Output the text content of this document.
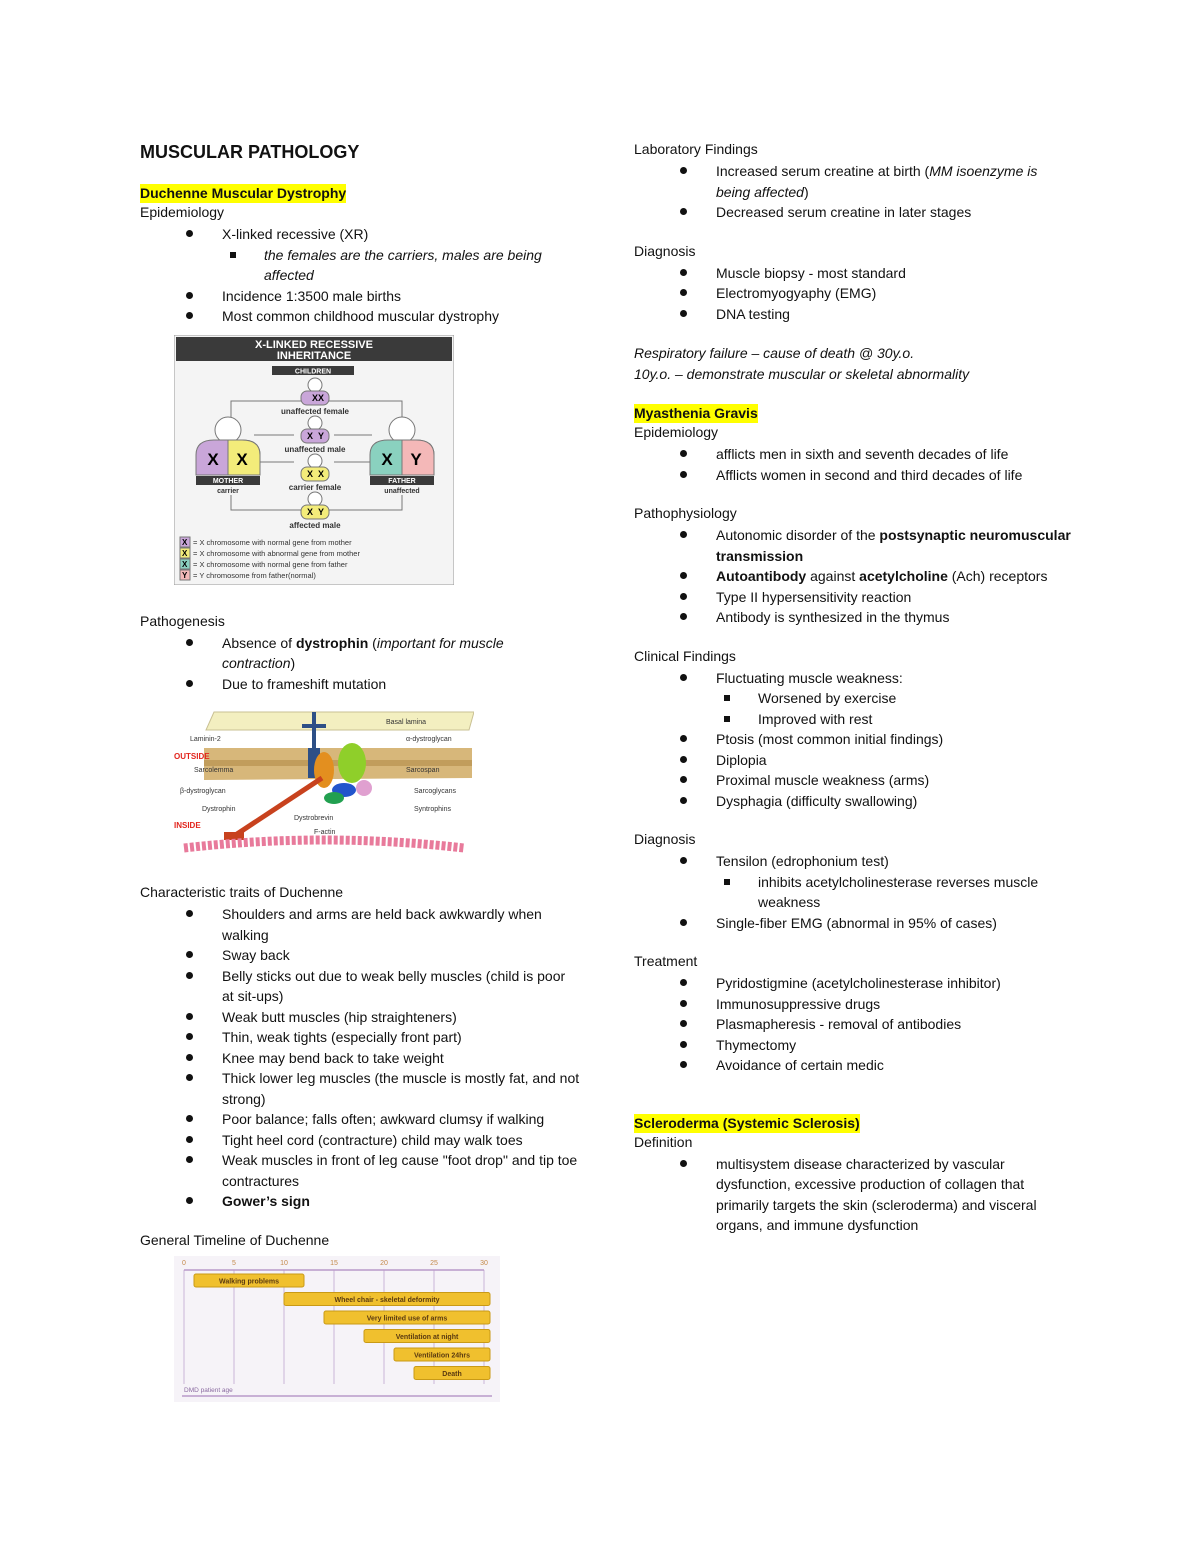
MUSCULAR PATHOLOGY
Duchenne Muscular Dystrophy

Epidemiology

X-linked recessive (XR)
the females are the carriers, males are being affected
Incidence 1:3500 male births
Most common childhood muscular dystrophy
X-LINKED RECESSIVE
INHERITANCE
CHILDREN
X X
unaffected female
X Y
unaffected male
X X
carrier female
X Y
affected male
X X
MOTHER
carrier
X Y
FATHER
unaffected
X
X
X
Y
= X chromosome with normal gene from mother
= X chromosome with abnormal gene from mother
= X chromosome with normal gene from father
= Y chromosome from father(normal)

Pathogenesis

Absence of dystrophin (important for muscle contraction)
Due to frameshift mutation
Basal lamina
Laminin-2	α-dystroglycan
OUTSIDE
Sarcolemma	Sarcospan
β-dystroglycan	Sarcoglycans
Dystrophin	Syntrophins
INSIDE
Dystrobrevin
F-actin

Characteristic traits of Duchenne

Shoulders and arms are held back awkwardly when walking
Sway back
Belly sticks out due to weak belly muscles (child is poor at sit-ups)
Weak butt muscles (hip straighteners)
Thin, weak tights (especially front part)
Knee may bend back to take weight
Thick lower leg muscles (the muscle is mostly fat, and not strong)
Poor balance; falls often; awkward clumsy if walking
Tight heel cord (contracture) child may walk toes
Weak muscles in front of leg cause "foot drop" and tip toe contractures
Gower’s sign

General Timeline of Duchenne

0	5	10	15	20	25	30
Walking problems
Wheel chair - skeletal deformity
Very limited use of arms
Ventilation at night
Ventilation 24hrs
Death
DMD patient age

Laboratory Findings

Increased serum creatine at birth (MM isoenzyme is being affected)
Decreased serum creatine in later stages

Diagnosis

Muscle biopsy - most standard
Electromyogyaphy (EMG)
DNA testing

Respiratory failure – cause of death @ 30y.o.

10y.o. – demonstrate muscular or skeletal abnormality

Myasthenia Gravis

Epidemiology

afflicts men in sixth and seventh decades of life
Afflicts women in second and third decades of life

Pathophysiology

Autonomic disorder of the postsynaptic neuromuscular transmission
Autoantibody against acetylcholine (Ach) receptors
Type II hypersensitivity reaction
Antibody is synthesized in the thymus

Clinical Findings

Fluctuating muscle weakness:
Worsened by exercise
Improved with rest
Ptosis (most common initial findings)
Diplopia
Proximal muscle weakness (arms)
Dysphagia (difficulty swallowing)

Diagnosis

Tensilon (edrophonium test)
inhibits acetylcholinesterase reverses muscle weakness
Single-fiber EMG (abnormal in 95% of cases)

Treatment

Pyridostigmine (acetylcholinesterase inhibitor)
Immunosuppressive drugs
Plasmapheresis - removal of antibodies
Thymectomy
Avoidance of certain medic
Scleroderma (Systemic Sclerosis)

Definition

multisystem disease characterized by vascular dysfunction, excessive production of collagen that primarily targets the skin (scleroderma) and visceral organs, and immune dysfunction
